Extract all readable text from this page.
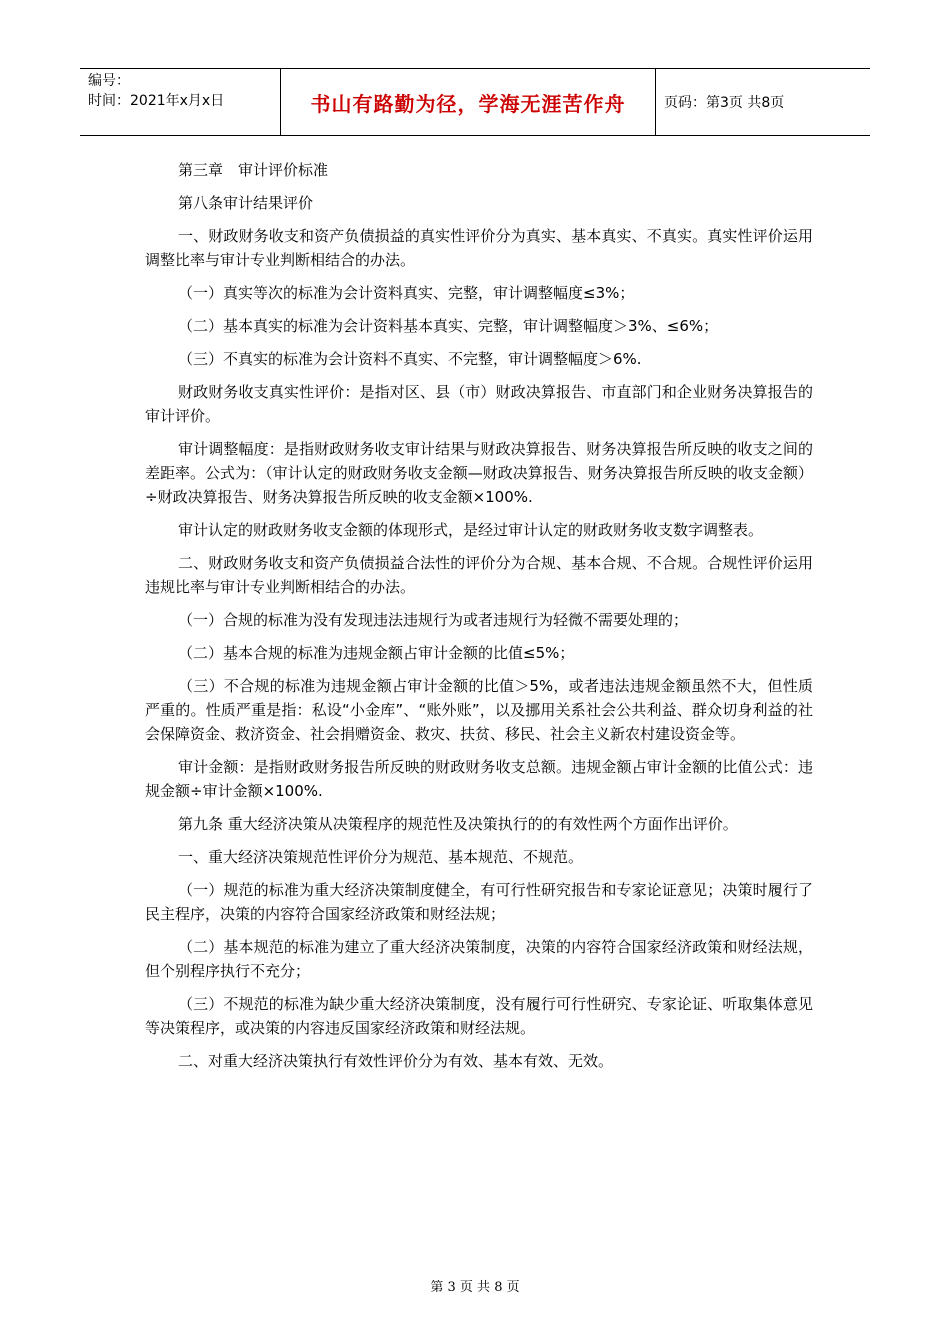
编号：
时间：2021年x月x日	书山有路勤为径，学海无涯苦作舟	页码：第3页 共8页

第三章　审计评价标准

第八条审计结果评价

一、财政财务收支和资产负债损益的真实性评价分为真实、基本真实、不真实。真实性评价运用调整比率与审计专业判断相结合的办法。

（一）真实等次的标准为会计资料真实、完整，审计调整幅度≤3%；

（二）基本真实的标准为会计资料基本真实、完整，审计调整幅度＞3%、≤6%；

（三）不真实的标准为会计资料不真实、不完整，审计调整幅度＞6%.

财政财务收支真实性评价：是指对区、县（市）财政决算报告、市直部门和企业财务决算报告的审计评价。

审计调整幅度：是指财政财务收支审计结果与财政决算报告、财务决算报告所反映的收支之间的差距率。公式为：（审计认定的财政财务收支金额—财政决算报告、财务决算报告所反映的收支金额）÷财政决算报告、财务决算报告所反映的收支金额×100%.

审计认定的财政财务收支金额的体现形式，是经过审计认定的财政财务收支数字调整表。

二、财政财务收支和资产负债损益合法性的评价分为合规、基本合规、不合规。合规性评价运用违规比率与审计专业判断相结合的办法。

（一）合规的标准为没有发现违法违规行为或者违规行为轻微不需要处理的；

（二）基本合规的标准为违规金额占审计金额的比值≤5%；

（三）不合规的标准为违规金额占审计金额的比值＞5%，或者违法违规金额虽然不大，但性质严重的。性质严重是指：私设“小金库”、“账外账”，以及挪用关系社会公共利益、群众切身利益的社会保障资金、救济资金、社会捐赠资金、救灾、扶贫、移民、社会主义新农村建设资金等。

审计金额：是指财政财务报告所反映的财政财务收支总额。违规金额占审计金额的比值公式：违规金额÷审计金额×100%.

第九条 重大经济决策从决策程序的规范性及决策执行的的有效性两个方面作出评价。

一、重大经济决策规范性评价分为规范、基本规范、不规范。

（一）规范的标准为重大经济决策制度健全，有可行性研究报告和专家论证意见；决策时履行了民主程序，决策的内容符合国家经济政策和财经法规；

（二）基本规范的标准为建立了重大经济决策制度，决策的内容符合国家经济政策和财经法规，但个别程序执行不充分；

（三）不规范的标准为缺少重大经济决策制度，没有履行可行性研究、专家论证、听取集体意见等决策程序，或决策的内容违反国家经济政策和财经法规。

二、对重大经济决策执行有效性评价分为有效、基本有效、无效。

第 3 页 共 8 页
